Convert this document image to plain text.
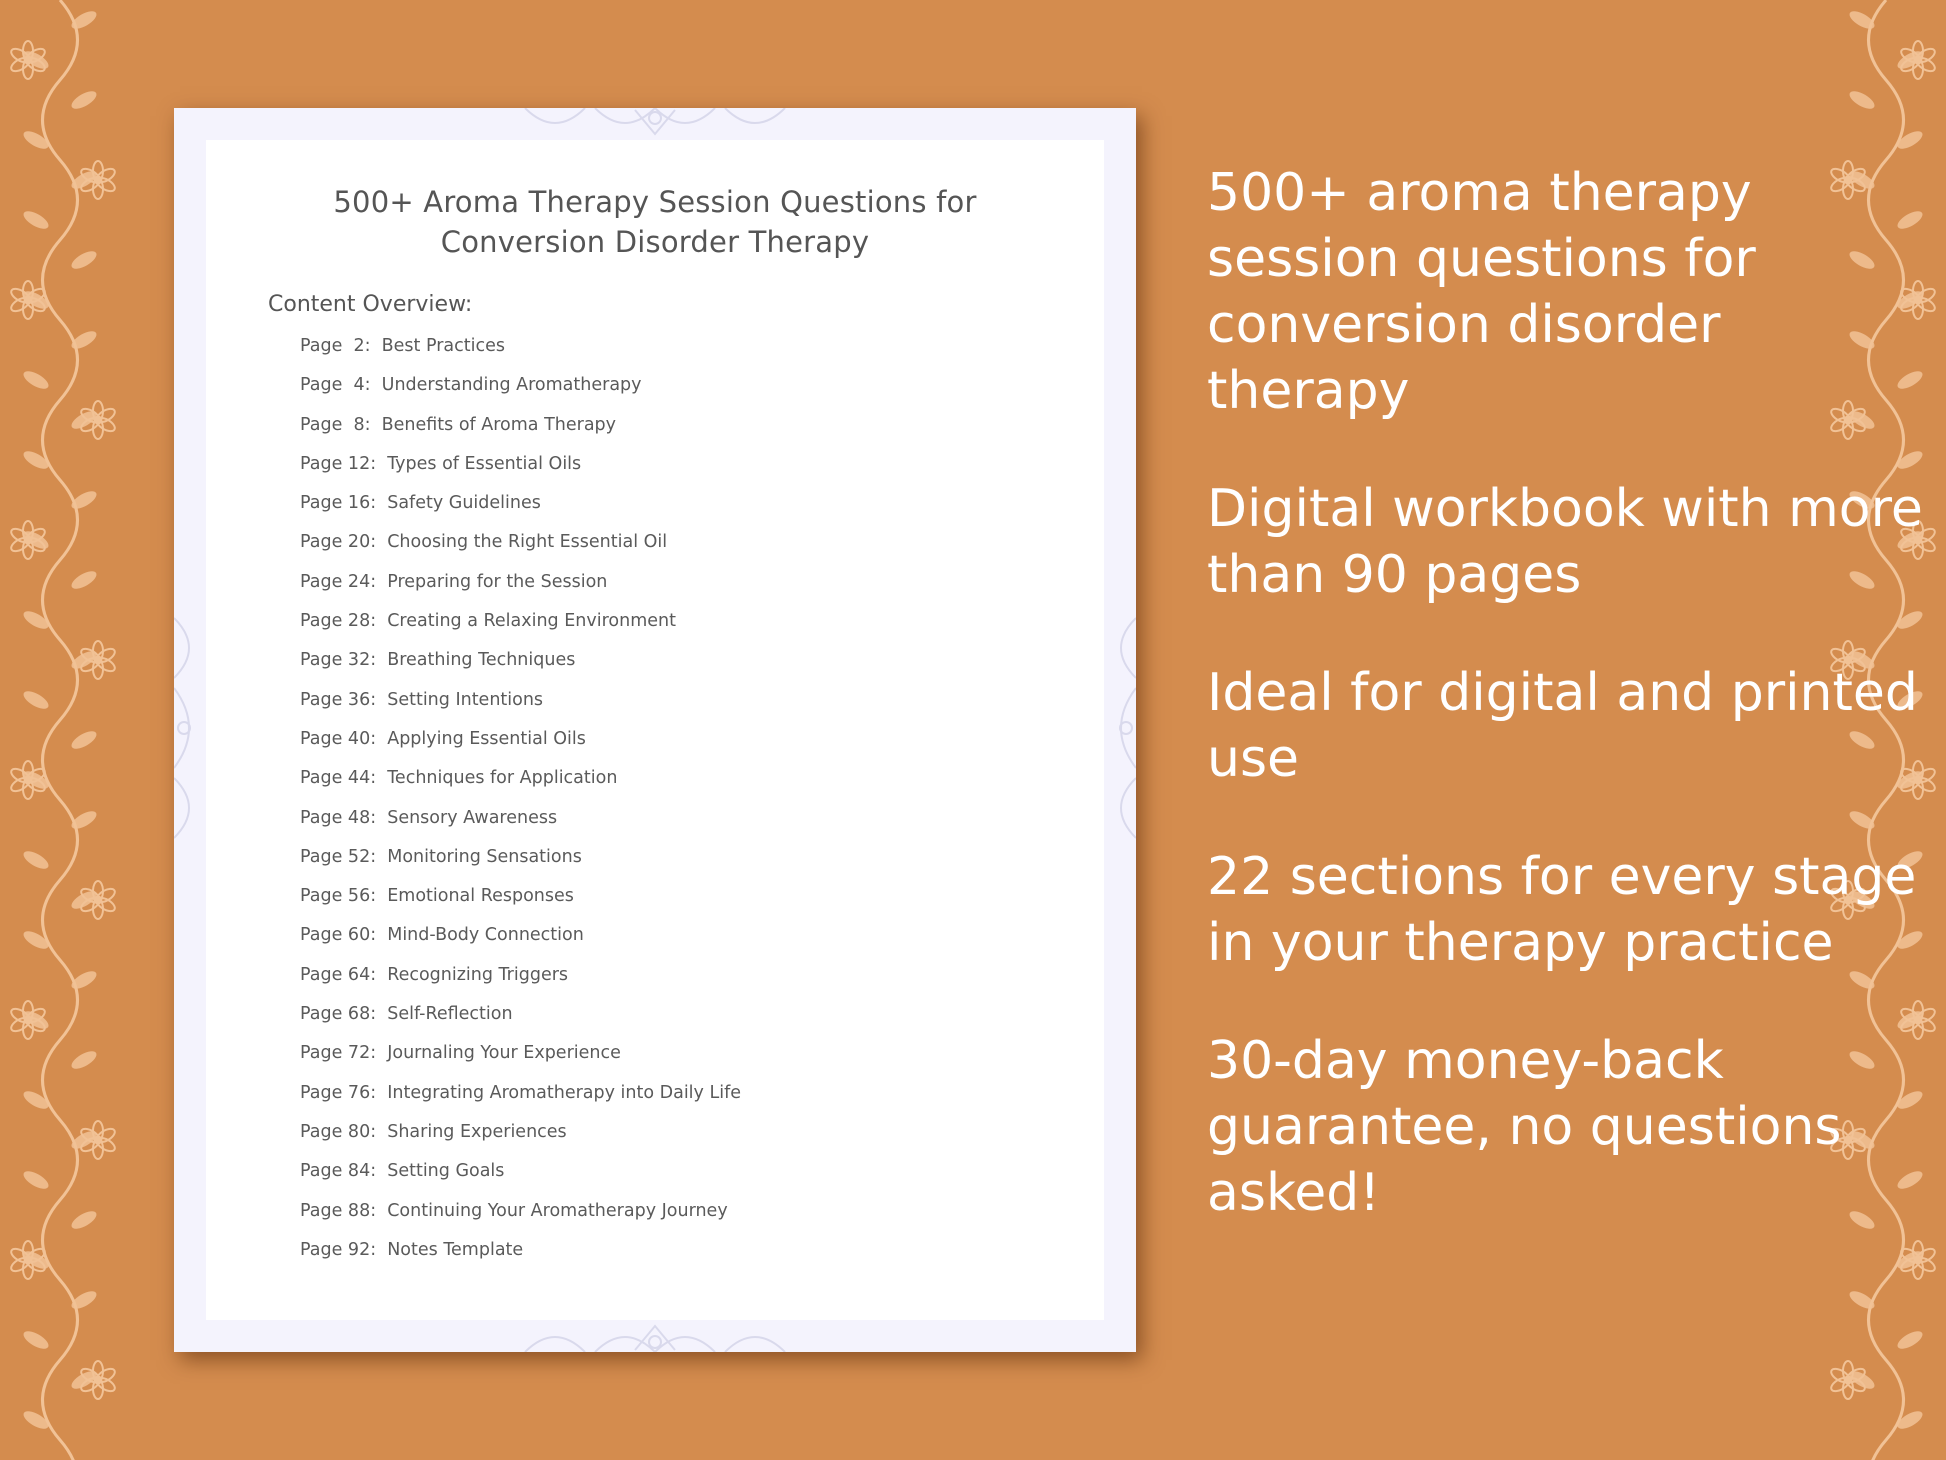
500+ Aroma Therapy Session Questions for
Conversion Disorder Therapy
Content Overview:
Page  2:  Best Practices
Page  4:  Understanding Aromatherapy
Page  8:  Benefits of Aroma Therapy
Page 12:  Types of Essential Oils
Page 16:  Safety Guidelines
Page 20:  Choosing the Right Essential Oil
Page 24:  Preparing for the Session
Page 28:  Creating a Relaxing Environment
Page 32:  Breathing Techniques
Page 36:  Setting Intentions
Page 40:  Applying Essential Oils
Page 44:  Techniques for Application
Page 48:  Sensory Awareness
Page 52:  Monitoring Sensations
Page 56:  Emotional Responses
Page 60:  Mind-Body Connection
Page 64:  Recognizing Triggers
Page 68:  Self-Reflection
Page 72:  Journaling Your Experience
Page 76:  Integrating Aromatherapy into Daily Life
Page 80:  Sharing Experiences
Page 84:  Setting Goals
Page 88:  Continuing Your Aromatherapy Journey
Page 92:  Notes Template

500+ aroma therapy session questions for conversion disorder therapy

Digital workbook with more than 90 pages

Ideal for digital and printed use

22 sections for every stage in your therapy practice

30-day money-back guarantee, no questions asked!
